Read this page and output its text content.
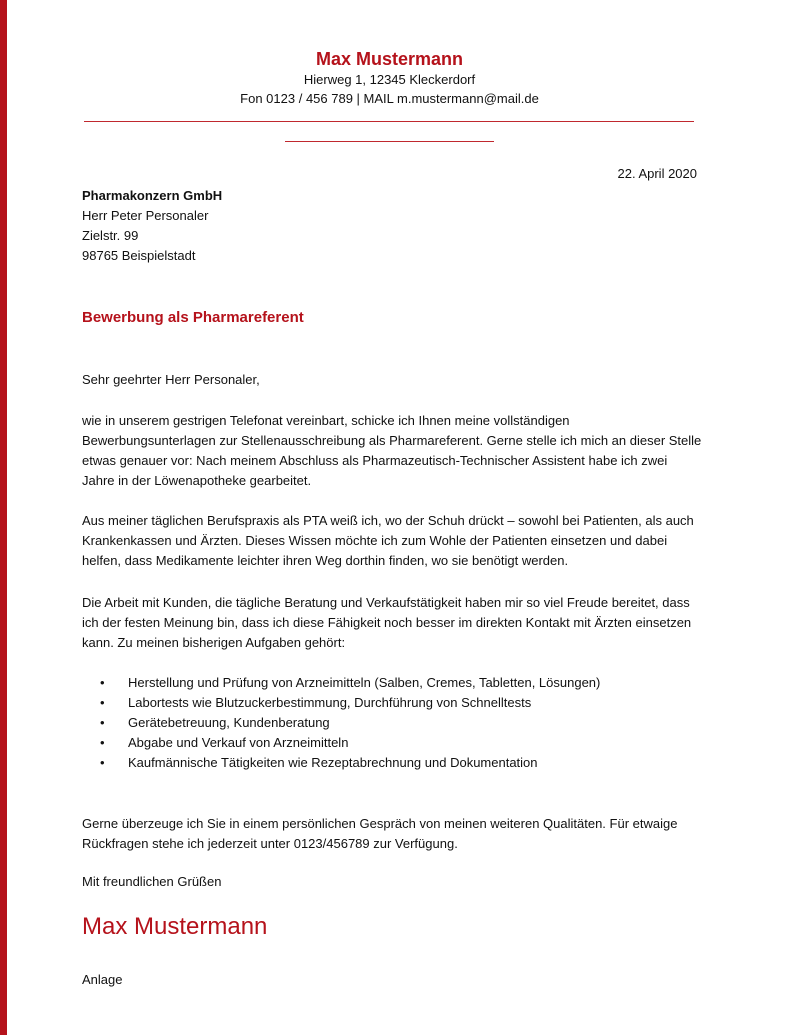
Max Mustermann
Hierweg 1, 12345 Kleckerdorf
Fon 0123 / 456 789 | MAIL m.mustermann@mail.de
22. April 2020
Pharmakonzern GmbH
Herr Peter Personaler
Zielstr. 99
98765 Beispielstadt
Bewerbung als Pharmareferent
Sehr geehrter Herr Personaler,
wie in unserem gestrigen Telefonat vereinbart, schicke ich Ihnen meine vollständigen Bewerbungsunterlagen zur Stellenausschreibung als Pharmareferent. Gerne stelle ich mich an dieser Stelle etwas genauer vor: Nach meinem Abschluss als Pharmazeutisch-Technischer Assistent habe ich zwei Jahre in der Löwenapotheke gearbeitet.
Aus meiner täglichen Berufspraxis als PTA weiß ich, wo der Schuh drückt – sowohl bei Patienten, als auch Krankenkassen und Ärzten. Dieses Wissen möchte ich zum Wohle der Patienten einsetzen und dabei helfen, dass Medikamente leichter ihren Weg dorthin finden, wo sie benötigt werden.
Die Arbeit mit Kunden, die tägliche Beratung und Verkaufstätigkeit haben mir so viel Freude bereitet, dass ich der festen Meinung bin, dass ich diese Fähigkeit noch besser im direkten Kontakt mit Ärzten einsetzen kann. Zu meinen bisherigen Aufgaben gehört:
•	Herstellung und Prüfung von Arzneimitteln (Salben, Cremes, Tabletten, Lösungen)
•	Labortests wie Blutzuckerbestimmung, Durchführung von Schnelltests
•	Gerätebetreuung, Kundenberatung
•	Abgabe und Verkauf von Arzneimitteln
•	Kaufmännische Tätigkeiten wie Rezeptabrechnung und Dokumentation
Gerne überzeuge ich Sie in einem persönlichen Gespräch von meinen weiteren Qualitäten. Für etwaige Rückfragen stehe ich jederzeit unter 0123/456789 zur Verfügung.
Mit freundlichen Grüßen
Max Mustermann
Anlage
